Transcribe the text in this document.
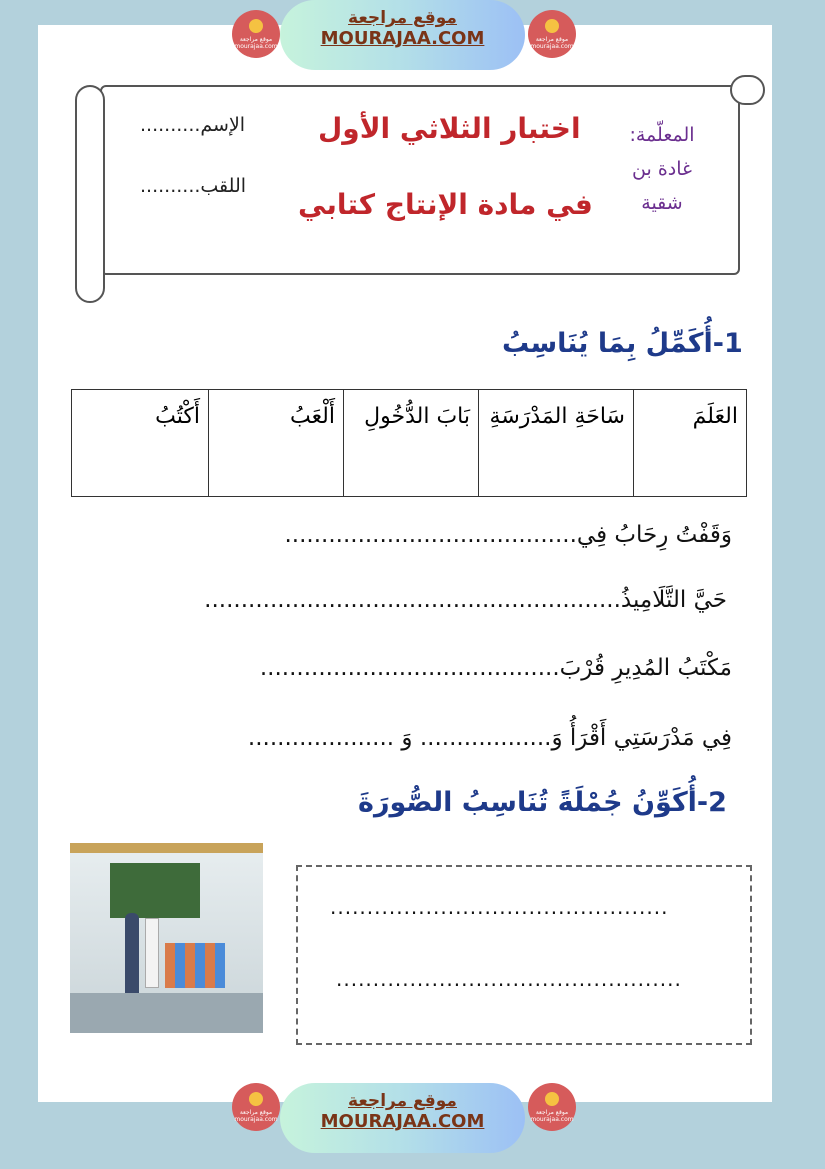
موقع مراجعة mourajaa.com
موقع مراجعة
MOURAJAA.COM	موقع مراجعة mourajaa.com
اختبار الثلاثي الأول
في مادة الإنتاج كتابي
المعلّمة:
غادة بن
شقية
الإسم..........
اللقب..........
1-أُكَمِّلُ بِمَا يُنَاسِبُ
العَلَمَ	سَاحَةِ المَدْرَسَةِ	بَابَ الدُّخُولِ	أَلْعَبُ	أَكْتُبُ
وَقَفْتُ رِحَابُ فِي........................................
حَيَّ التَّلَامِيذُ.........................................................
مَكْتَبُ المُدِيرِ قُرْبَ.........................................
فِي مَدْرَسَتِي أَقْرَأُ وَ.................. وَ ....................
2-أُكَوِّنُ جُمْلَةً تُنَاسِبُ الصُّورَةَ
..............................................
...............................................
موقع مراجعة mourajaa.com
موقع مراجعة
MOURAJAA.COM	موقع مراجعة mourajaa.com
